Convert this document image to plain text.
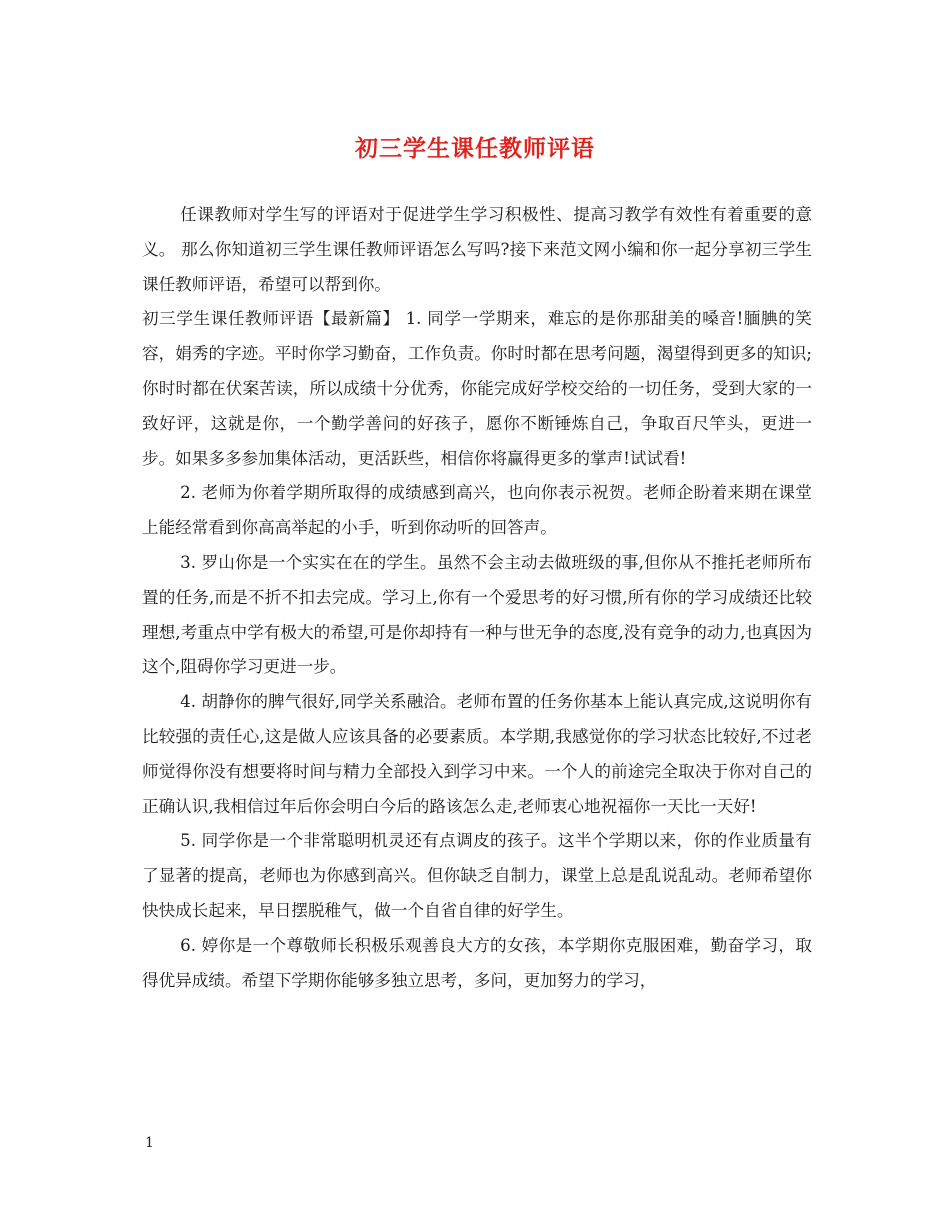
初三学生课任教师评语

任课教师对学生写的评语对于促进学生学习积极性、提高习教学有效性有着重要的意义。 那么你知道初三学生课任教师评语怎么写吗?接下来范文网小编和你一起分享初三学生课任教师评语，希望可以帮到你。

初三学生课任教师评语【最新篇】 1. 同学一学期来，难忘的是你那甜美的嗓音!腼腆的笑容，娟秀的字迹。平时你学习勤奋，工作负责。你时时都在思考问题，渴望得到更多的知识;你时时都在伏案苦读，所以成绩十分优秀，你能完成好学校交给的一切任务，受到大家的一致好评，这就是你，一个勤学善问的好孩子，愿你不断锤炼自己，争取百尺竿头，更进一步。如果多多参加集体活动，更活跃些，相信你将赢得更多的掌声!试试看!

2. 老师为你着学期所取得的成绩感到高兴，也向你表示祝贺。老师企盼着来期在课堂上能经常看到你高高举起的小手，听到你动听的回答声。

3. 罗山你是一个实实在在的学生。虽然不会主动去做班级的事,但你从不推托老师所布置的任务,而是不折不扣去完成。学习上,你有一个爱思考的好习惯,所有你的学习成绩还比较理想,考重点中学有极大的希望,可是你却持有一种与世无争的态度,没有竞争的动力,也真因为这个,阻碍你学习更进一步。

4. 胡静你的脾气很好,同学关系融洽。老师布置的任务你基本上能认真完成,这说明你有比较强的责任心,这是做人应该具备的必要素质。本学期,我感觉你的学习状态比较好,不过老师觉得你没有想要将时间与精力全部投入到学习中来。一个人的前途完全取决于你对自己的正确认识,我相信过年后你会明白今后的路该怎么走,老师衷心地祝福你一天比一天好!

5. 同学你是一个非常聪明机灵还有点调皮的孩子。这半个学期以来，你的作业质量有了显著的提高，老师也为你感到高兴。但你缺乏自制力，课堂上总是乱说乱动。老师希望你快快成长起来，早日摆脱稚气，做一个自省自律的好学生。

6. 婷你是一个尊敬师长积极乐观善良大方的女孩，本学期你克服困难，勤奋学习，取得优异成绩。希望下学期你能够多独立思考，多问，更加努力的学习，

1
